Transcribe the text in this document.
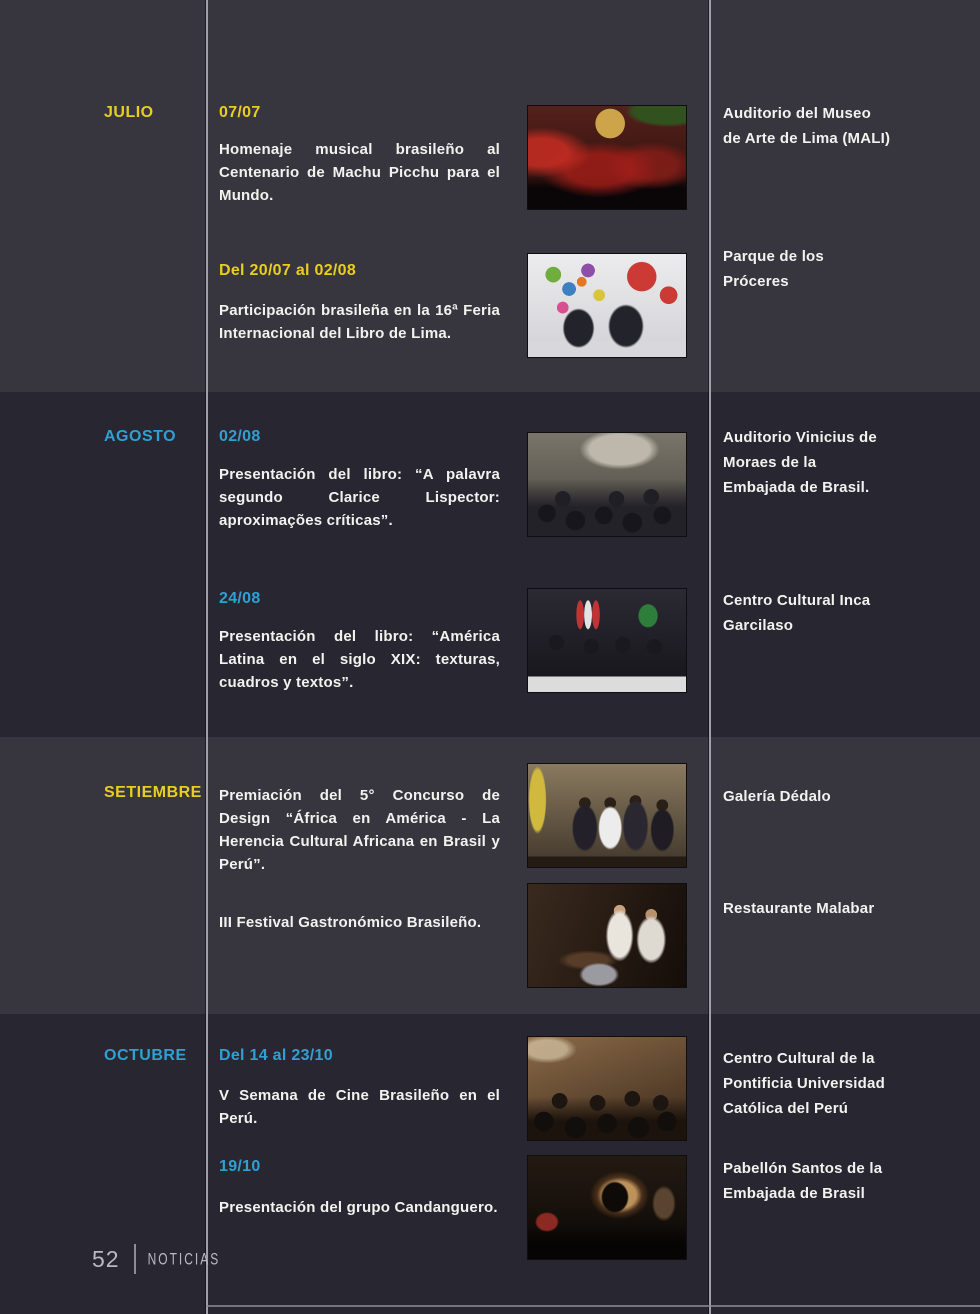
JULIO	07/07
Homenaje musical brasileño al Centenario de Machu Picchu para el Mundo.
Auditorio del Museo de Arte de Lima (MALI)
Del 20/07 al 02/08
Participación brasileña en la 16ª Feria Internacional del Libro de Lima.
Parque de los Próceres
AGOSTO	02/08
Presentación del libro: “A palavra segundo Clarice Lispector: aproximações críticas”.
Auditorio Vinicius de Moraes de la Embajada de Brasil.
24/08
Presentación del libro: “América Latina en el siglo XIX: texturas, cuadros y textos”.
Centro Cultural Inca Garcilaso
SETIEMBRE Premiación del 5° Concurso de Design “África en América - La Herencia Cultural Africana en Brasil y Perú”.
Galería Dédalo
III Festival Gastronómico Brasileño.
Restaurante Malabar
OCTUBRE Del 14 al 23/10
V Semana de Cine Brasileño en el Perú.
Centro Cultural de la Pontificia Universidad Católica del Perú
19/10
Presentación del grupo Candanguero.
Pabellón Santos de la Embajada de Brasil
52 NOTICIAS
